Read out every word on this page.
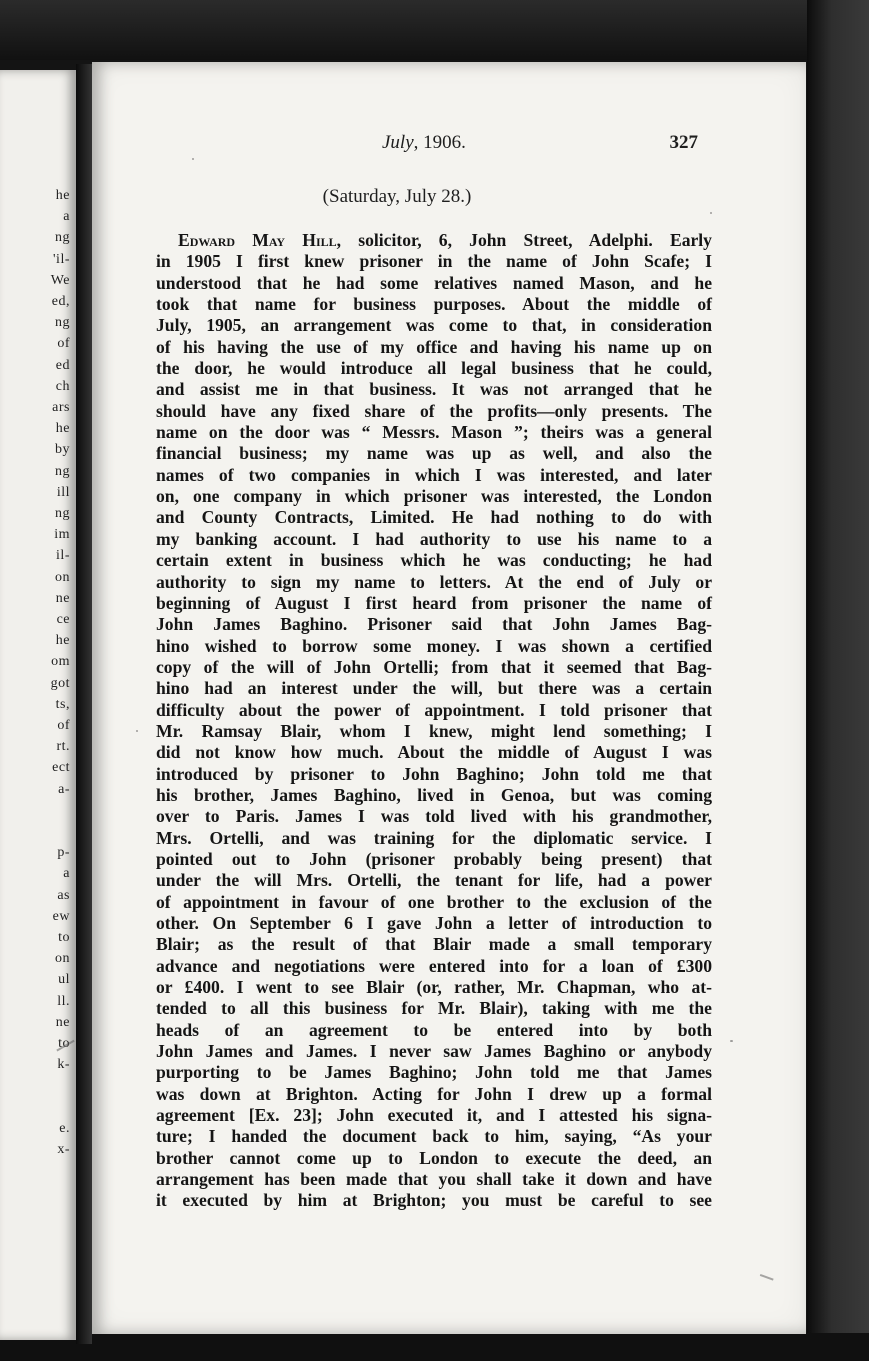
he
a
ng
'il-
We
ed,
ng
of
ed
ch
ars
he
by
ng
ill
ng
im
il-
on
ne
ce
he
om
got
ts,
of
rt.
ect
a-
p-
a
as
ew
to
on
ul
ll.
ne
to
k-
e.
x-
July, 1906.	327
(Saturday, July 28.)
Edward May Hill, solicitor, 6, John Street, Adelphi. Early
in 1905 I first knew prisoner in the name of John Scafe; I
understood that he had some relatives named Mason, and he
took that name for business purposes. About the middle of
July, 1905, an arrangement was come to that, in consideration
of his having the use of my office and having his name up on
the door, he would introduce all legal business that he could,
and assist me in that business. It was not arranged that he
should have any fixed share of the profits—only presents. The
name on the door was “ Messrs. Mason ”; theirs was a general
financial business; my name was up as well, and also the
names of two companies in which I was interested, and later
on, one company in which prisoner was interested, the London
and County Contracts, Limited. He had nothing to do with
my banking account. I had authority to use his name to a
certain extent in business which he was conducting; he had
authority to sign my name to letters. At the end of July or
beginning of August I first heard from prisoner the name of
John James Baghino. Prisoner said that John James Bag-
hino wished to borrow some money. I was shown a certified
copy of the will of John Ortelli; from that it seemed that Bag-
hino had an interest under the will, but there was a certain
difficulty about the power of appointment. I told prisoner that
Mr. Ramsay Blair, whom I knew, might lend something; I
did not know how much. About the middle of August I was
introduced by prisoner to John Baghino; John told me that
his brother, James Baghino, lived in Genoa, but was coming
over to Paris. James I was told lived with his grandmother,
Mrs. Ortelli, and was training for the diplomatic service. I
pointed out to John (prisoner probably being present) that
under the will Mrs. Ortelli, the tenant for life, had a power
of appointment in favour of one brother to the exclusion of the
other. On September 6 I gave John a letter of introduction to
Blair; as the result of that Blair made a small temporary
advance and negotiations were entered into for a loan of £300
or £400. I went to see Blair (or, rather, Mr. Chapman, who at-
tended to all this business for Mr. Blair), taking with me the
heads of an agreement to be entered into by both
John James and James. I never saw James Baghino or anybody
purporting to be James Baghino; John told me that James
was down at Brighton. Acting for John I drew up a formal
agreement [Ex. 23]; John executed it, and I attested his signa-
ture; I handed the document back to him, saying, “As your
brother cannot come up to London to execute the deed, an
arrangement has been made that you shall take it down and have
it executed by him at Brighton; you must be careful to see
